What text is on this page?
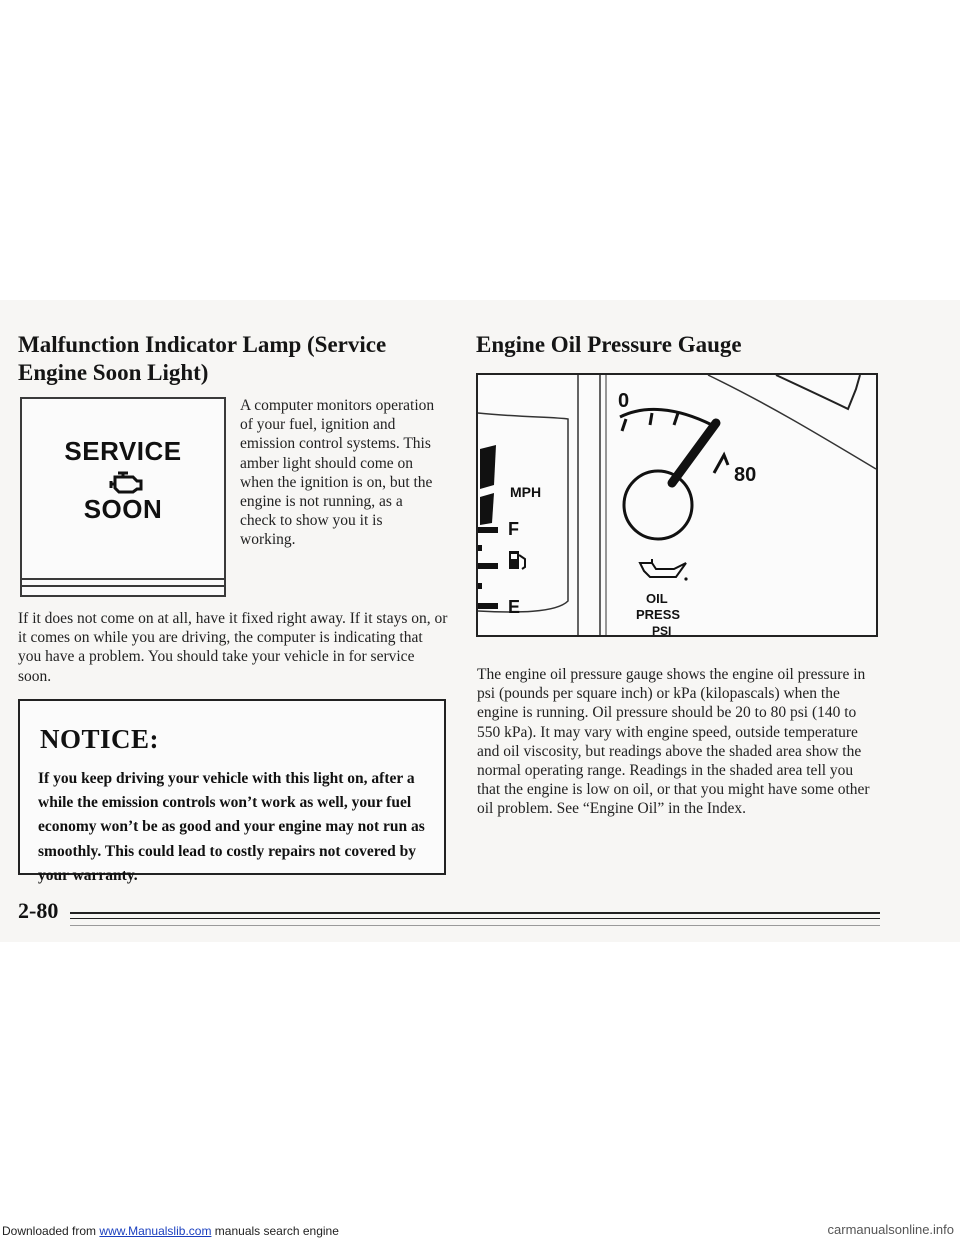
Malfunction Indicator Lamp (Service Engine Soon Light)
Engine Oil Pressure Gauge
SERVICE
SOON

A computer monitors operation of your fuel, ignition and emission control systems. This amber light should come on when the ignition is on, but the engine is not running, as a check to show you it is working.

If it does not come on at all, have it fixed right away. If it stays on, or it comes on while you are driving, the computer is indicating that you have a problem. You should take your vehicle in for service soon.

NOTICE:
If you keep driving your vehicle with this light on, after a while the emission controls won’t work as well, your fuel economy won’t be as good and your engine may not run as smoothly. This could lead to costly repairs not covered by your warranty.
MPH
F
E
0
80
OIL
PRESS
PSI

The engine oil pressure gauge shows the engine oil pressure in psi (pounds per square inch) or kPa (kilopascals) when the engine is running. Oil pressure should be 20 to 80 psi (140 to 550 kPa). It may vary with engine speed, outside temperature and oil viscosity, but readings above the shaded area show the normal operating range. Readings in the shaded area tell you that the engine is low on oil, or that you might have some other oil problem. See “Engine Oil” in the Index.

2-80
Downloaded from www.Manualslib.com manuals search engine	carmanualsonline.info
